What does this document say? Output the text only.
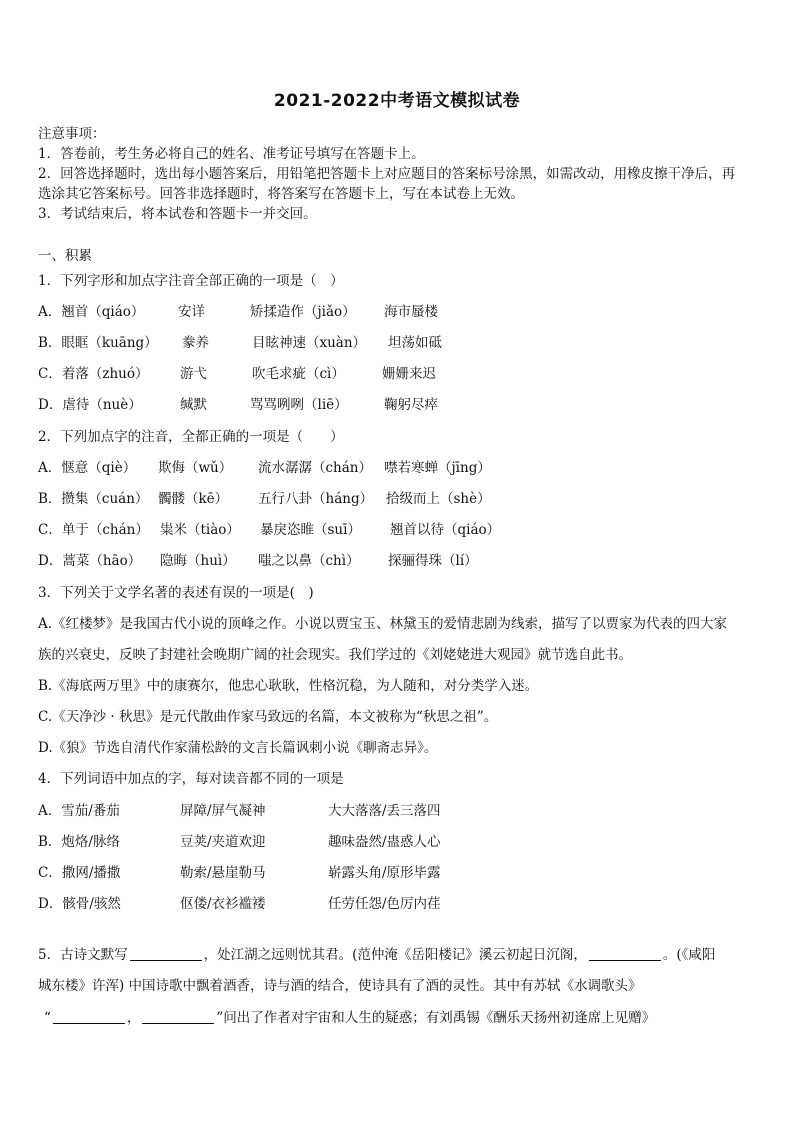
2021-2022中考语文模拟试卷
注意事项：
1．答卷前，考生务必将自己的姓名、准考证号填写在答题卡上。
2．回答选择题时，选出每小题答案后，用铅笔把答题卡上对应题目的答案标号涂黑，如需改动，用橡皮擦干净后，再
选涂其它答案标号。回答非选择题时，将答案写在答题卡上，写在本试卷上无效。
3．考试结束后，将本试卷和答题卡一并交回。
一、积累
1．下列字形和加点字注音全部正确的一项是（　）
A．翘首（qiáo） 安详	矫揉造作（jiǎo） 海市蜃楼
B．眼眶（kuāng） 豢养	目眩神速（xuàn） 坦荡如砥
C．着落（zhuó） 游弋	吹毛求疵（cì）	姗姗来迟
D．虐待（nuè）	缄默	骂骂咧咧（liē）	鞠躬尽瘁
2．下列加点字的注音，全都正确的一项是（　　）
A．惬意（qiè） 欺侮（wǔ） 流水潺潺（chán） 噤若寒蝉（jīng）
B．攒集（cuán） 髑髅（kē） 五行八卦（háng） 拾级而上（shè）
C．单于（chán） 粜米（tiào） 暴戾恣睢（suī） 翘首以待（qiáo）
D．蒿菜（hāo） 隐晦（huì） 嗤之以鼻（chì） 探骊得珠（lí）
3．下列关于文学名著的表述有误的一项是(　)
A.《红楼梦》是我国古代小说的顶峰之作。小说以贾宝玉、林黛玉的爱情悲剧为线索，描写了以贾家为代表的四大家
族的兴衰史，反映了封建社会晚期广阔的社会现实。我们学过的《刘姥姥进大观园》就节选自此书。
B.《海底两万里》中的康赛尔，他忠心耿耿，性格沉稳，为人随和，对分类学入迷。
C.《天净沙 · 秋思》是元代散曲作家马致远的名篇，本文被称为“秋思之祖”。
D.《狼》节选自清代作家蒲松龄的文言长篇讽刺小说《聊斋志异》。
4．下列词语中加点的字，每对读音都不同的一项是
A．雪茄/番茄	屏障/屏气凝神	大大落落/丢三落四
B．炮烙/脉络	豆荚/夹道欢迎	趣味盎然/蛊惑人心
C．撒网/播撒	勒索/悬崖勒马	崭露头角/原形毕露
D．骸骨/骇然	伛偻/衣衫褴褛	任劳任怨/色厉内荏
5．古诗文默写	，处江湖之远则忧其君。(范仲淹《岳阳楼记》溪云初起日沉阁，	。(《咸阳
城东楼》许浑) 中国诗歌中飘着酒香，诗与酒的结合，使诗具有了酒的灵性。其中有苏轼《水调歌头》
“	，	”问出了作者对宇宙和人生的疑惑；有刘禹锡《酬乐天扬州初逢席上见赠》
